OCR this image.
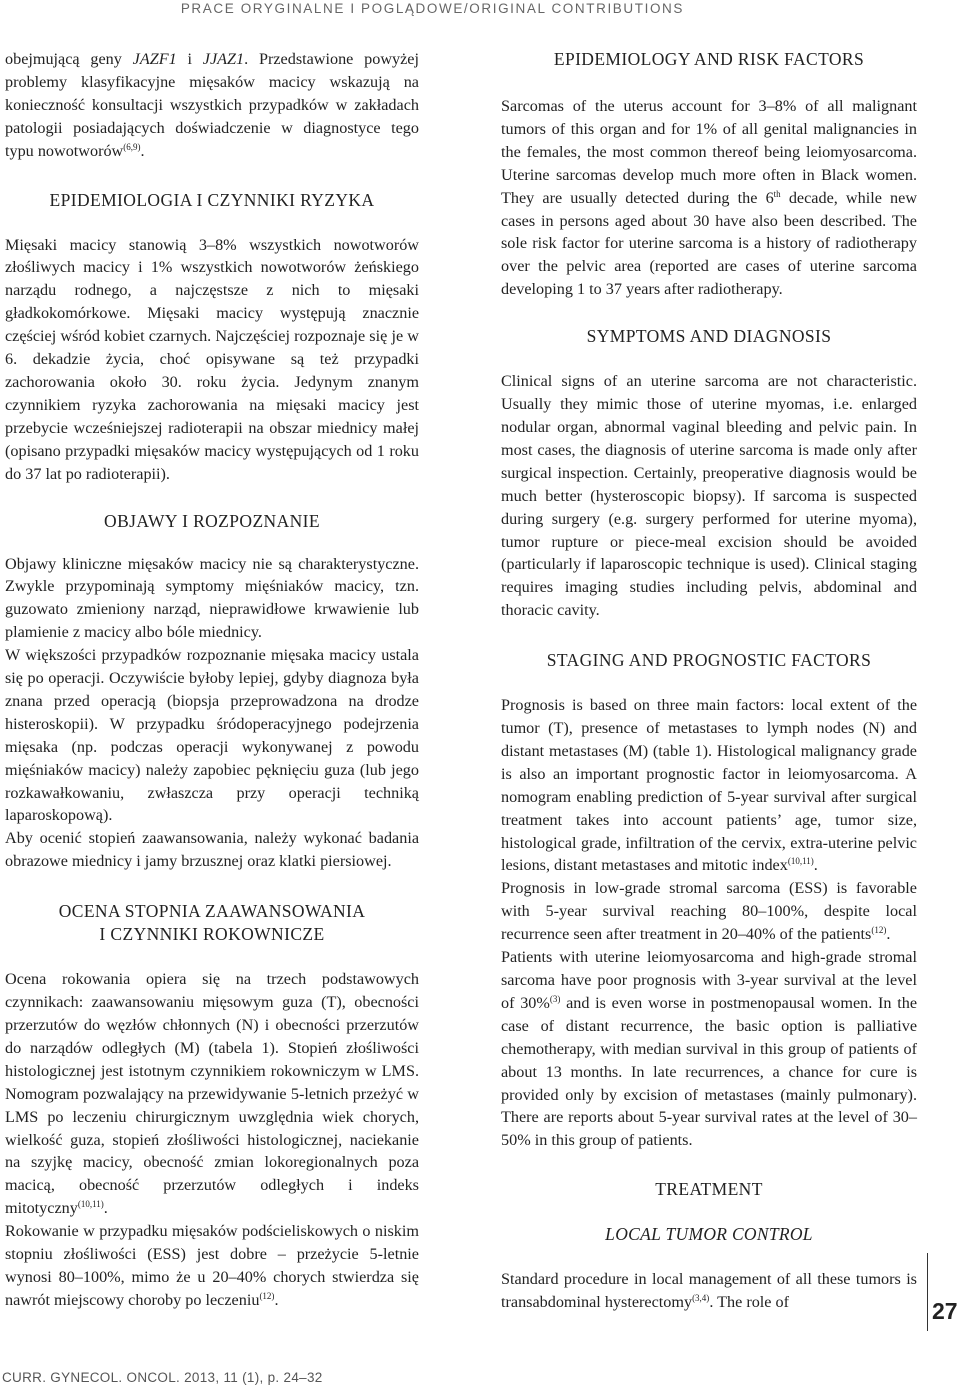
PRACE ORYGINALNE I POGLĄDOWE/ORIGINAL CONTRIBUTIONS

obejmującą geny JAZF1 i JJAZ1. Przedstawione powyżej problemy klasyfikacyjne mięsaków macicy wskazują na konieczność konsultacji wszystkich przypadków w zakładach patologii posiadających doświadczenie w diagnostyce tego typu nowotworów$^{(6,9)}$.

EPIDEMIOLOGIA I CZYNNIKI RYZYKA

Mięsaki macicy stanowią 3–8% wszystkich nowotworów złośliwych macicy i 1% wszystkich nowotworów żeńskiego narządu rodnego, a najczęstsze z nich to mięsaki gładkokomórkowe. Mięsaki macicy występują znacznie częściej wśród kobiet czarnych. Najczęściej rozpoznaje się je w 6. dekadzie życia, choć opisywane są też przypadki zachorowania około 30. roku życia. Jedynym znanym czynnikiem ryzyka zachorowania na mięsaki macicy jest przebycie wcześniejszej radioterapii na obszar miednicy małej (opisano przypadki mięsaków macicy występujących od 1 roku do 37 lat po radioterapii).

OBJAWY I ROZPOZNANIE

Objawy kliniczne mięsaków macicy nie są charakterystyczne. Zwykle przypominają symptomy mięśniaków macicy, tzn. guzowato zmieniony narząd, nieprawidłowe krwawienie lub plamienie z macicy albo bóle miednicy.

W większości przypadków rozpoznanie mięsaka macicy ustala się po operacji. Oczywiście byłoby lepiej, gdyby diagnoza była znana przed operacją (biopsja przeprowadzona na drodze histeroskopii). W przypadku śródoperacyjnego podejrzenia mięsaka (np. podczas operacji wykonywanej z powodu mięśniaków macicy) należy zapobiec pęknięciu guza (lub jego rozkawałkowaniu, zwłaszcza przy operacji techniką laparoskopową).

Aby ocenić stopień zaawansowania, należy wykonać badania obrazowe miednicy i jamy brzusznej oraz klatki piersiowej.

OCENA STOPNIA ZAAWANSOWANIA
I CZYNNIKI ROKOWNICZE

Ocena rokowania opiera się na trzech podstawowych czynnikach: zaawansowaniu mięsowym guza (T), obecności przerzutów do węzłów chłonnych (N) i obecności przerzutów do narządów odległych (M) (tabela 1). Stopień złośliwości histologicznej jest istotnym czynnikiem rokowniczym w LMS. Nomogram pozwalający na przewidywanie 5-letnich przeżyć w LMS po leczeniu chirurgicznym uwzględnia wiek chorych, wielkość guza, stopień złośliwości histologicznej, naciekanie na szyjkę macicy, obecność zmian lokoregionalnych poza macicą, obecność przerzutów odległych i indeks mitotyczny$^{(10,11)}$.

Rokowanie w przypadku mięsaków podścieliskowych o niskim stopniu złośliwości (ESS) jest dobre – przeżycie 5-letnie wynosi 80–100%, mimo że u 20–40% chorych stwierdza się nawrót miejscowy choroby po leczeniu$^{(12)}$.

EPIDEMIOLOGY AND RISK FACTORS

Sarcomas of the uterus account for 3–8% of all malignant tumors of this organ and for 1% of all genital malignancies in the females, the most common thereof being leiomyosarcoma. Uterine sarcomas develop much more often in Black women. They are usually detected during the 6th decade, while new cases in persons aged about 30 have also been described. The sole risk factor for uterine sarcoma is a history of radiotherapy over the pelvic area (reported are cases of uterine sarcoma developing 1 to 37 years after radiotherapy.

SYMPTOMS AND DIAGNOSIS

Clinical signs of an uterine sarcoma are not characteristic. Usually they mimic those of uterine myomas, i.e. enlarged nodular organ, abnormal vaginal bleeding and pelvic pain. In most cases, the diagnosis of uterine sarcoma is made only after surgical inspection. Certainly, preoperative diagnosis would be much better (hysteroscopic biopsy). If sarcoma is suspected during surgery (e.g. surgery performed for uterine myoma), tumor rupture or piece-meal excision should be avoided (particularly if laparoscopic technique is used). Clinical staging requires imaging studies including pelvis, abdominal and thoracic cavity.

STAGING AND PROGNOSTIC FACTORS

Prognosis is based on three main factors: local extent of the tumor (T), presence of metastases to lymph nodes (N) and distant metastases (M) (table 1). Histological malignancy grade is also an important prognostic factor in leiomyosarcoma. A nomogram enabling prediction of 5-year survival after surgical treatment takes into account patients’ age, tumor size, histological grade, infiltration of the cervix, extra-uterine pelvic lesions, distant metastases and mitotic index$^{(10,11)}$.

Prognosis in low-grade stromal sarcoma (ESS) is favorable with 5-year survival reaching 80–100%, despite local recurrence seen after treatment in 20–40% of the patients$^{(12)}$.

Patients with uterine leiomyosarcoma and high-grade stromal sarcoma have poor prognosis with 3-year survival at the level of 30%$^{(3)}$ and is even worse in postmenopausal women. In the case of distant recurrence, the basic option is palliative chemotherapy, with median survival in this group of patients of about 13 months. In late recurrences, a chance for cure is provided only by excision of metastases (mainly pulmonary). There are reports about 5-year survival rates at the level of 30–50% in this group of patients.

TREATMENT
LOCAL TUMOR CONTROL

Standard procedure in local management of all these tumors is transabdominal hysterectomy$^{(3,4)}$. The role of	27
CURR. GYNECOL. ONCOL. 2013, 11 (1), p. 24–32
